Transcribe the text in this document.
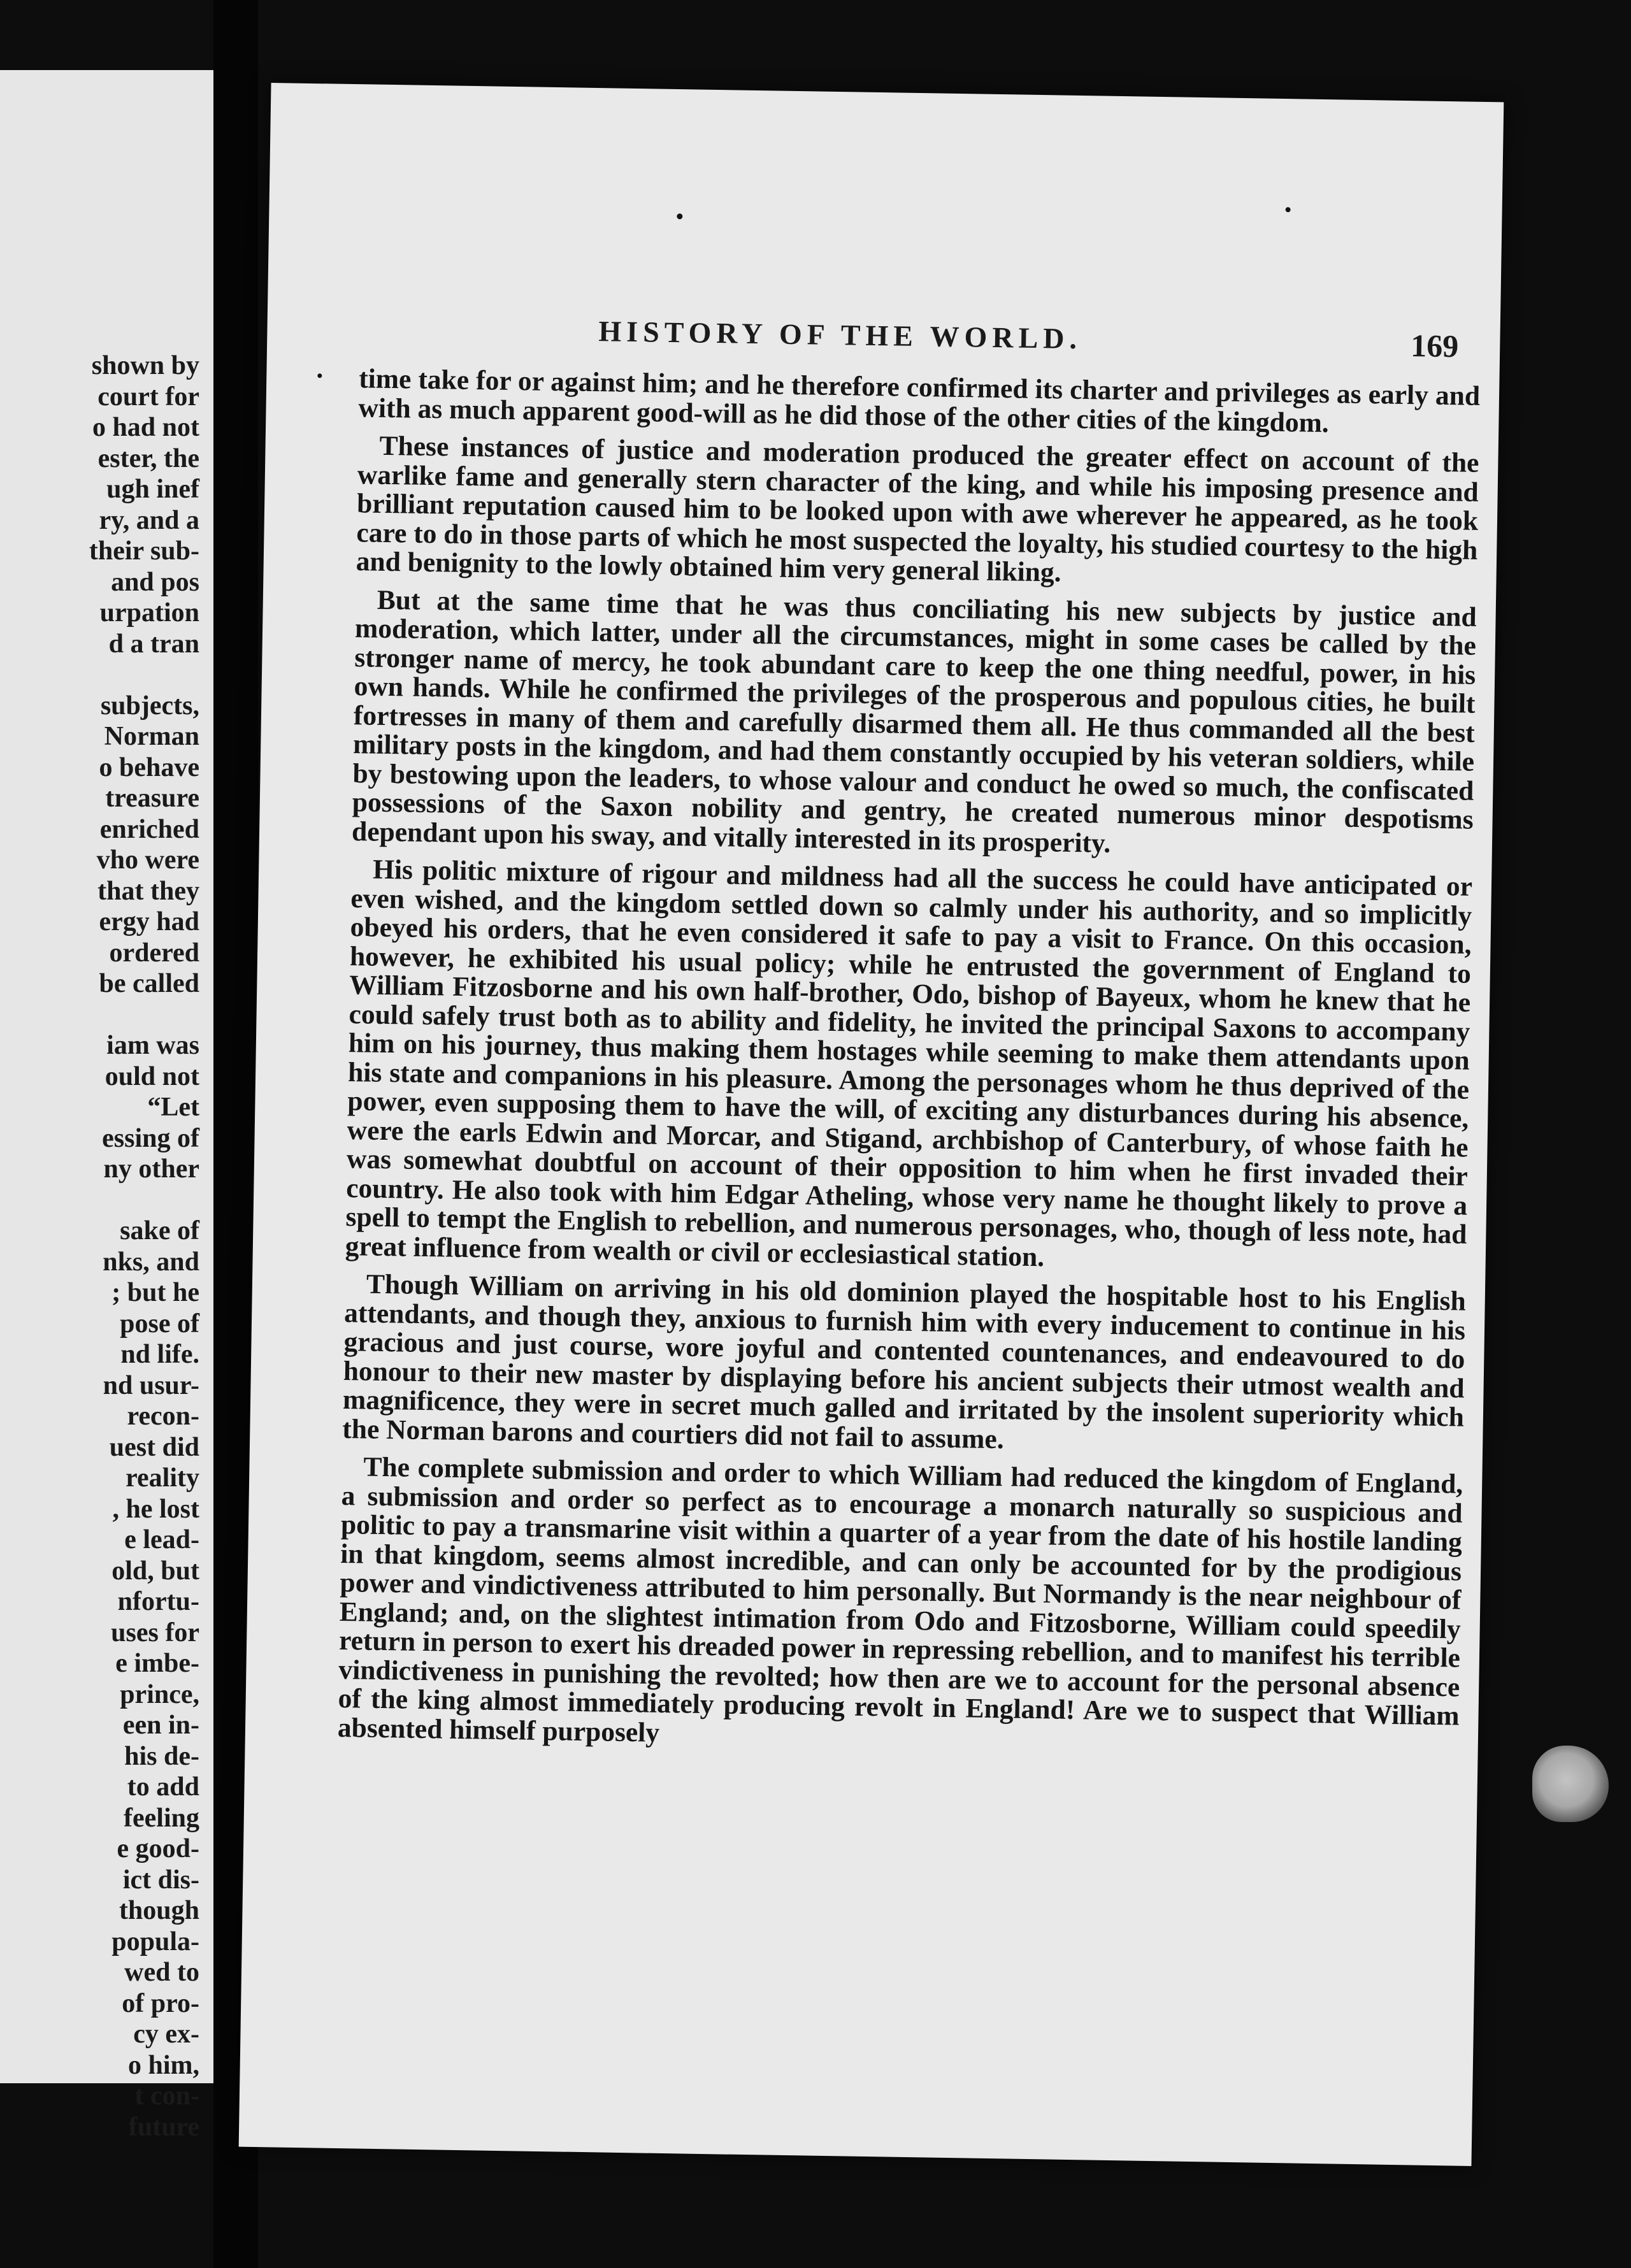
shown by
court for
o had not
ester, the
ugh inef
ry, and a
their sub-
and pos
urpation
d a tran
subjects,
Norman
o behave
treasure
enriched
vho were
that they
ergy had
ordered
be called
iam was
ould not
“Let
essing of
ny other
sake of
nks, and
; but he
pose of
nd life.
nd usur-
recon-
uest did
reality
, he lost
e lead-
old, but
nfortu-
uses for
e imbe-
prince,
een in-
his de-
to add
feeling
e good-
ict dis-
though
popula-
wed to
of pro-
cy ex-
o him,
t con-
future
HISTORY OF THE WORLD.	169

time take for or against him; and he therefore confirmed its charter and privileges as early and with as much apparent good-will as he did those of the other cities of the kingdom.

These instances of justice and moderation produced the greater effect on account of the warlike fame and generally stern character of the king, and while his imposing presence and brilliant reputation caused him to be looked upon with awe wherever he appeared, as he took care to do in those parts of which he most suspected the loyalty, his studied courtesy to the high and benignity to the lowly obtained him very general liking.

But at the same time that he was thus conciliating his new subjects by justice and moderation, which latter, under all the circumstances, might in some cases be called by the stronger name of mercy, he took abundant care to keep the one thing needful, power, in his own hands. While he confirmed the privileges of the prosperous and populous cities, he built fortresses in many of them and carefully disarmed them all. He thus commanded all the best military posts in the kingdom, and had them constantly occupied by his veteran soldiers, while by bestowing upon the leaders, to whose valour and conduct he owed so much, the confiscated possessions of the Saxon nobility and gentry, he created numerous minor despotisms dependant upon his sway, and vitally interested in its prosperity.

His politic mixture of rigour and mildness had all the success he could have anticipated or even wished, and the kingdom settled down so calmly under his authority, and so implicitly obeyed his orders, that he even considered it safe to pay a visit to France. On this occasion, however, he exhibited his usual policy; while he entrusted the government of England to William Fitzosborne and his own half-brother, Odo, bishop of Bayeux, whom he knew that he could safely trust both as to ability and fidelity, he invited the principal Saxons to accompany him on his journey, thus making them hostages while seeming to make them attendants upon his state and companions in his pleasure. Among the personages whom he thus deprived of the power, even supposing them to have the will, of exciting any disturbances during his absence, were the earls Edwin and Morcar, and Stigand, archbishop of Canterbury, of whose faith he was somewhat doubtful on account of their opposition to him when he first invaded their country. He also took with him Edgar Atheling, whose very name he thought likely to prove a spell to tempt the English to rebellion, and numerous personages, who, though of less note, had great influence from wealth or civil or ecclesiastical station.

Though William on arriving in his old dominion played the hospitable host to his English attendants, and though they, anxious to furnish him with every inducement to continue in his gracious and just course, wore joyful and contented countenances, and endeavoured to do honour to their new master by displaying before his ancient subjects their utmost wealth and magnificence, they were in secret much galled and irritated by the insolent superiority which the Norman barons and courtiers did not fail to assume.

The complete submission and order to which William had reduced the kingdom of England, a submission and order so perfect as to encourage a monarch naturally so suspicious and politic to pay a transmarine visit within a quarter of a year from the date of his hostile landing in that kingdom, seems almost incredible, and can only be accounted for by the prodigious power and vindictiveness attributed to him personally. But Normandy is the near neighbour of England; and, on the slightest intimation from Odo and Fitzosborne, William could speedily return in person to exert his dreaded power in repressing rebellion, and to manifest his terrible vindictiveness in punishing the revolted; how then are we to account for the personal absence of the king almost immediately producing revolt in England! Are we to suspect that William absented himself purposely
